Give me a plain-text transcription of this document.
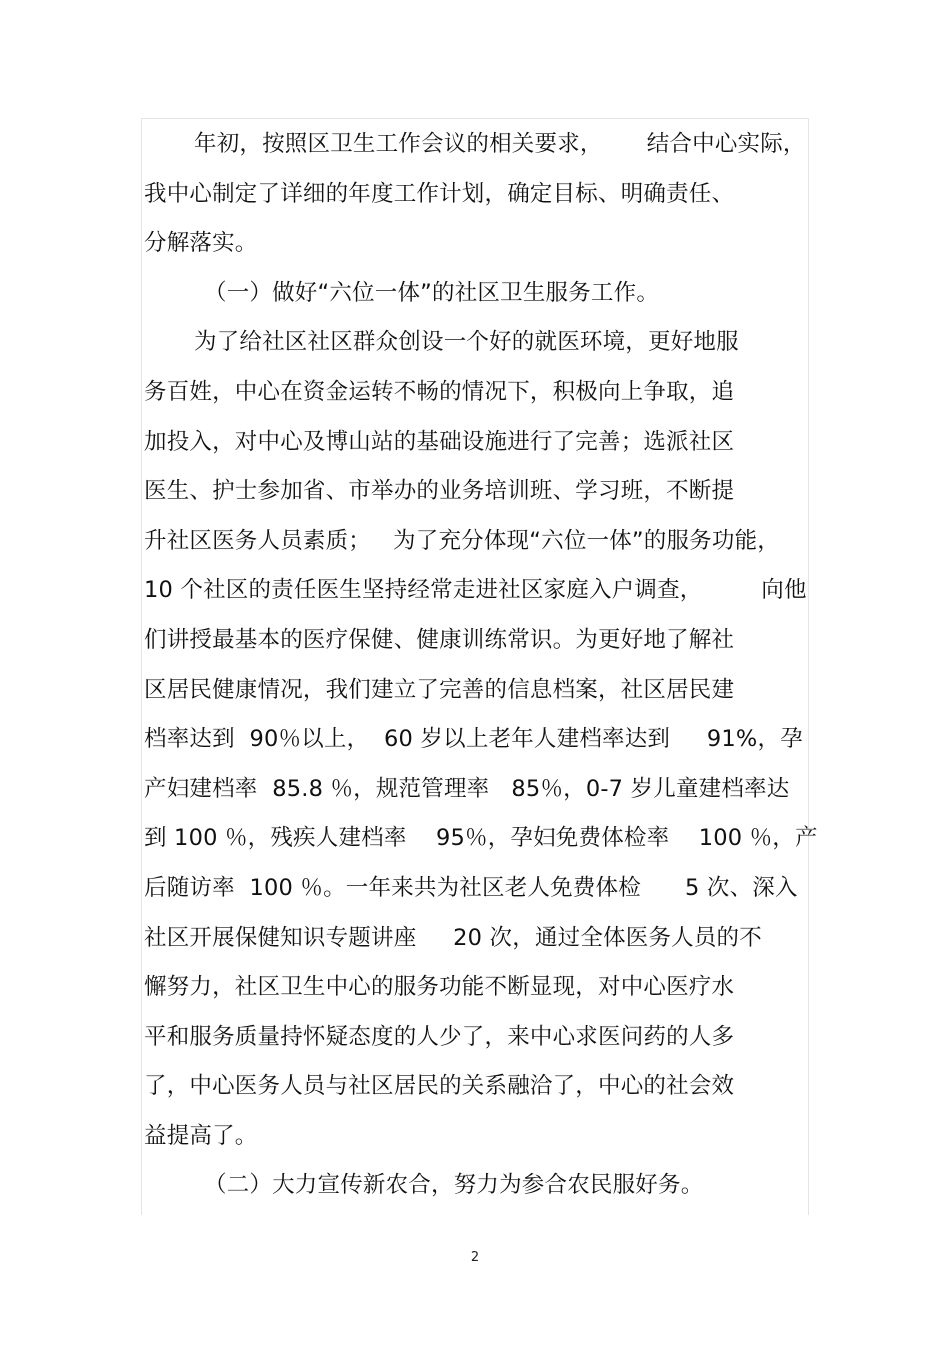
年初，按照区卫生工作会议的相关要求，      结合中心实际，
我中心制定了详细的年度工作计划，确定目标、明确责任、
分解落实。
（一）做好“六位一体”的社区卫生服务工作。
为了给社区社区群众创设一个好的就医环境，更好地服
务百姓，中心在资金运转不畅的情况下，积极向上争取，追
加投入，对中心及博山站的基础设施进行了完善；选派社区
医生、护士参加省、市举办的业务培训班、学习班，不断提
升社区医务人员素质；   为了充分体现“六位一体”的服务功能，
10 个社区的责任医生坚持经常走进社区家庭入户调查，        向他
们讲授最基本的医疗保健、健康训练常识。为更好地了解社
区居民健康情况，我们建立了完善的信息档案，社区居民建
档率达到  90％以上，  60 岁以上老年人建档率达到     91%，孕
产妇建档率  85.8 ％，规范管理率   85％，0-7 岁儿童建档率达
到 100 ％，残疾人建档率    95％，孕妇免费体检率    100 ％，产
后随访率  100 ％。一年来共为社区老人免费体检      5 次、深入
社区开展保健知识专题讲座     20 次，通过全体医务人员的不
懈努力，社区卫生中心的服务功能不断显现，对中心医疗水
平和服务质量持怀疑态度的人少了，来中心求医问药的人多
了，中心医务人员与社区居民的关系融洽了，中心的社会效
益提高了。
（二）大力宣传新农合，努力为参合农民服好务。
2
